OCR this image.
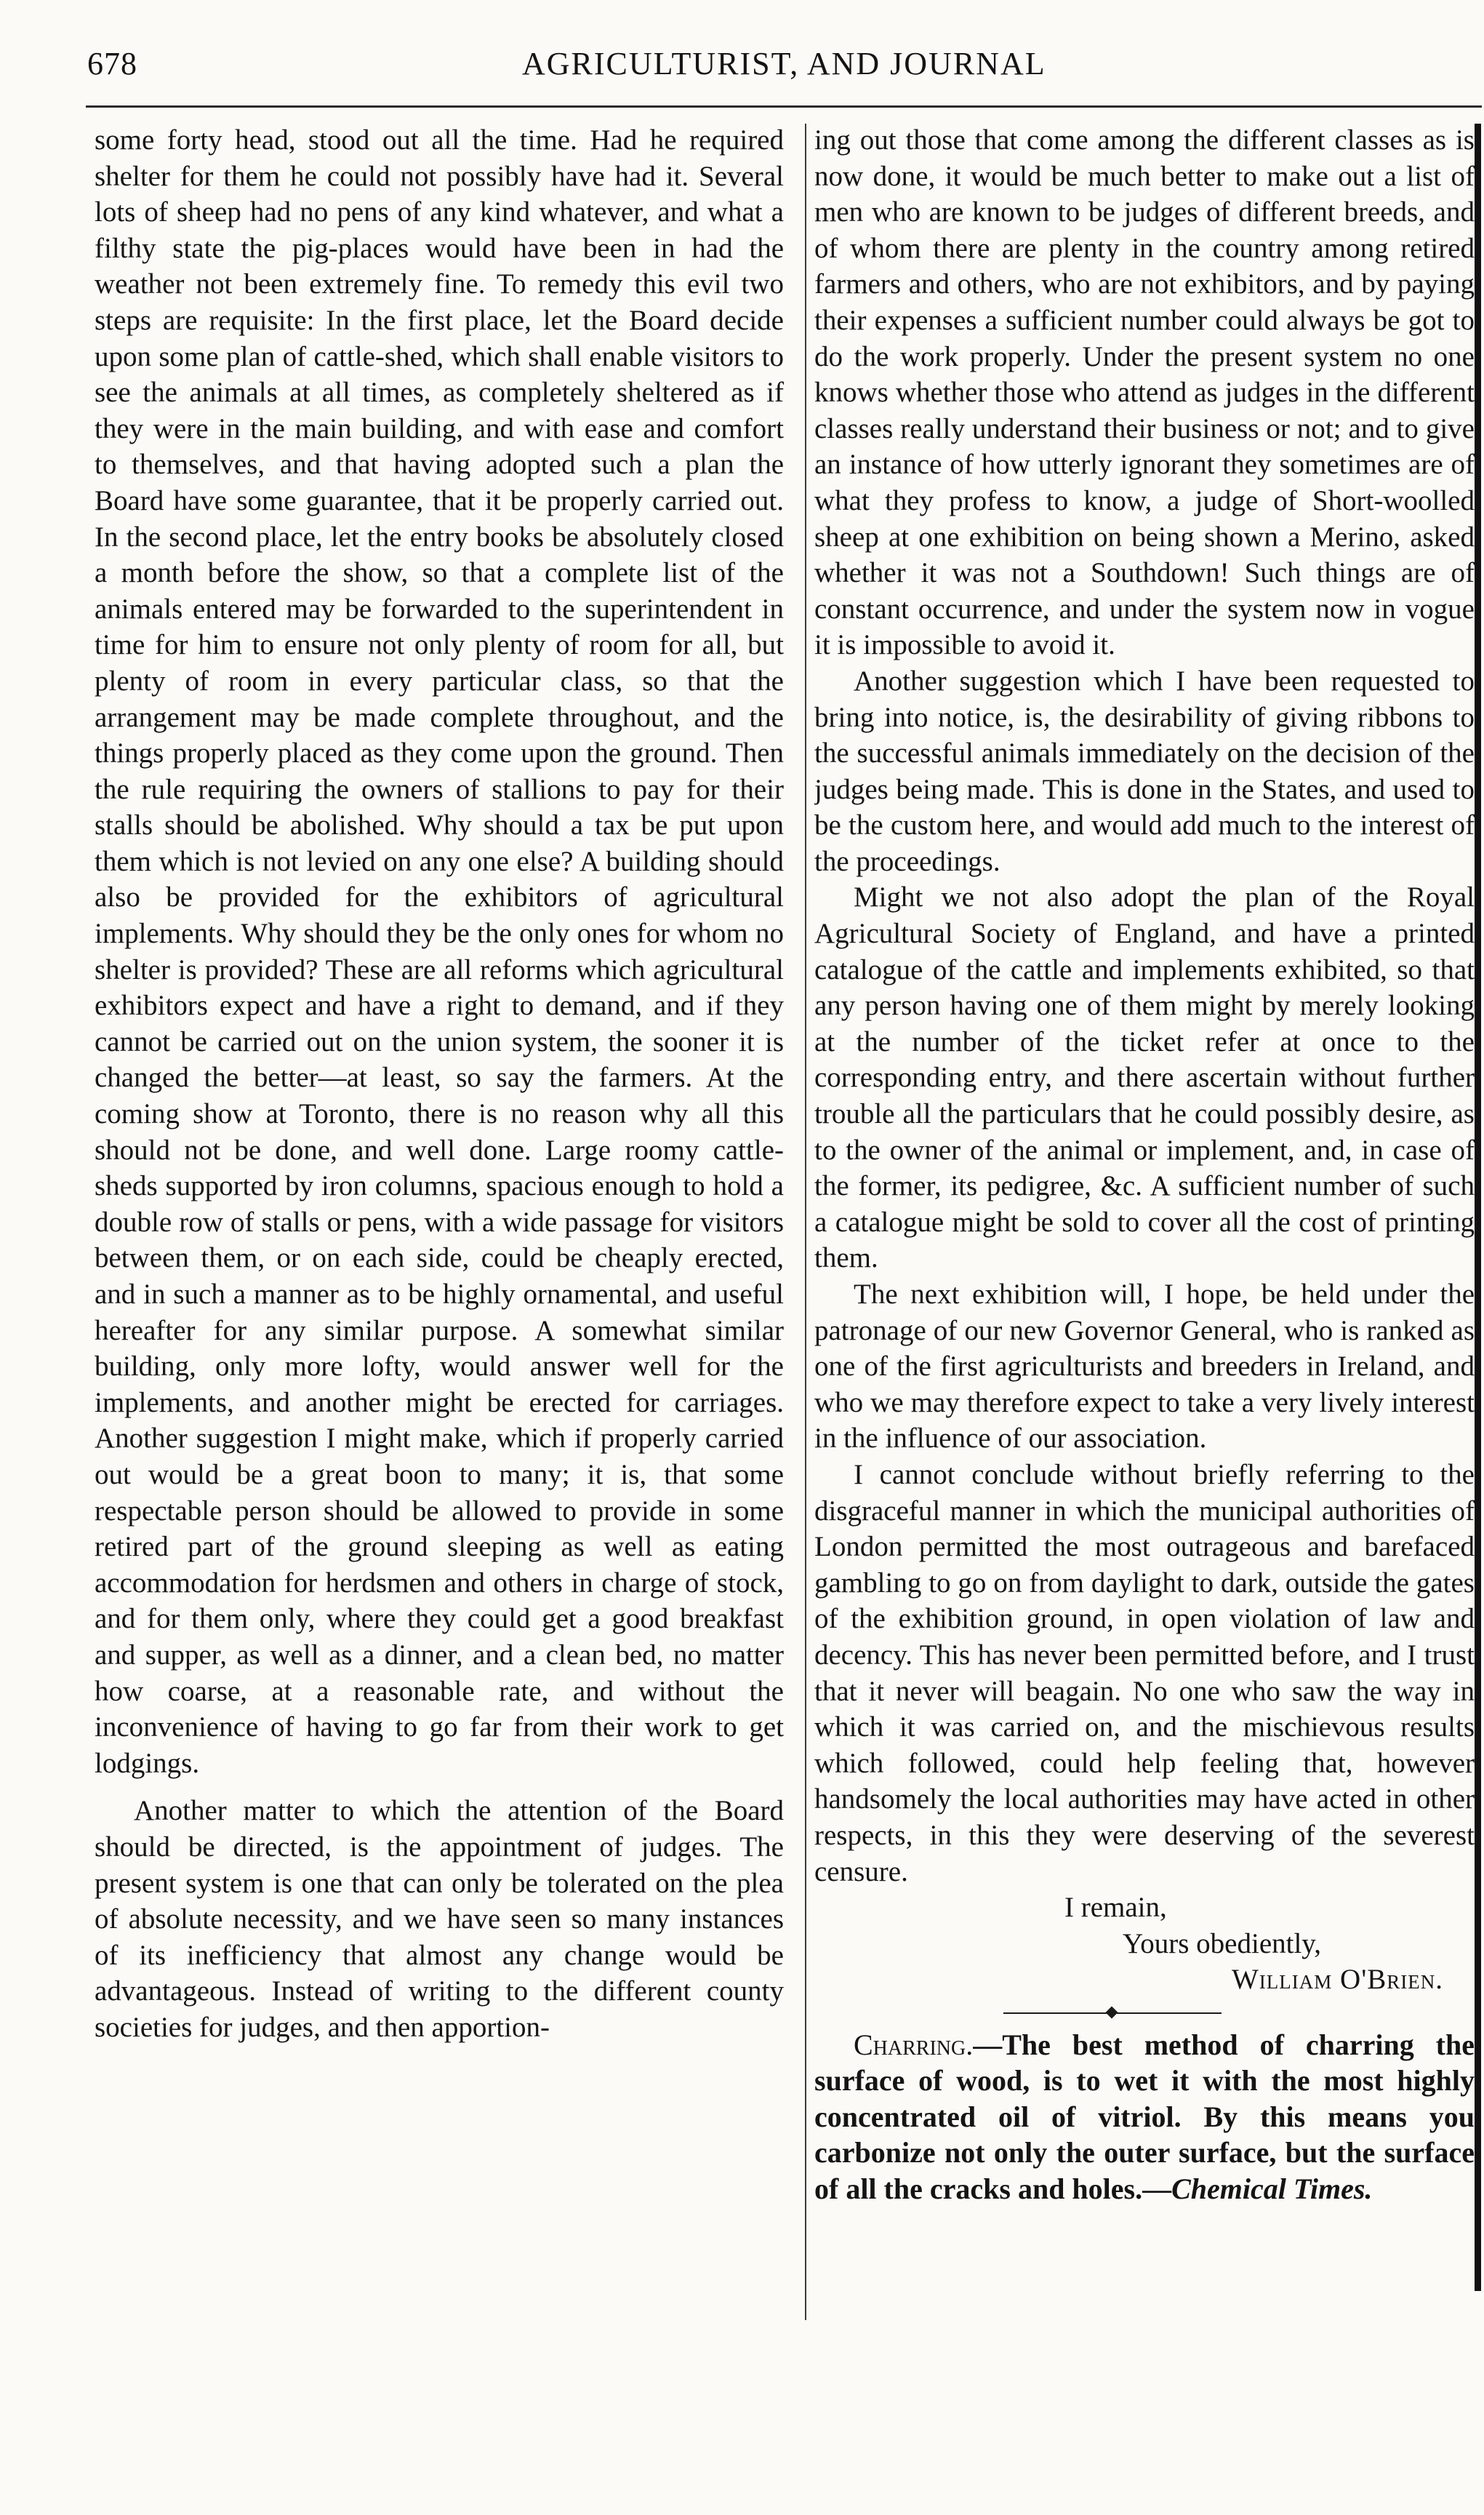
678	AGRICULTURIST, AND JOURNAL

some forty head, stood out all the time. Had he required shelter for them he could not possibly have had it. Several lots of sheep had no pens of any kind whatever, and what a filthy state the pig-places would have been in had the weather not been extremely fine. To remedy this evil two steps are requisite: In the first place, let the Board decide upon some plan of cattle-shed, which shall enable visitors to see the animals at all times, as completely sheltered as if they were in the main building, and with ease and comfort to themselves, and that having adopted such a plan the Board have some guarantee, that it be properly carried out. In the second place, let the entry books be absolutely closed a month before the show, so that a complete list of the animals entered may be forwarded to the superintendent in time for him to ensure not only plenty of room for all, but plenty of room in every particular class, so that the arrangement may be made complete throughout, and the things properly placed as they come upon the ground. Then the rule requiring the owners of stallions to pay for their stalls should be abolished. Why should a tax be put upon them which is not levied on any one else? A building should also be provided for the exhibitors of agricultural implements. Why should they be the only ones for whom no shelter is provided? These are all reforms which agricultural exhibitors expect and have a right to demand, and if they cannot be carried out on the union system, the sooner it is changed the better—at least, so say the farmers. At the coming show at Toronto, there is no reason why all this should not be done, and well done. Large roomy cattle-sheds supported by iron columns, spacious enough to hold a double row of stalls or pens, with a wide passage for visitors between them, or on each side, could be cheaply erected, and in such a manner as to be highly ornamental, and useful hereafter for any similar purpose. A somewhat similar building, only more lofty, would answer well for the implements, and another might be erected for carriages. Another suggestion I might make, which if properly carried out would be a great boon to many; it is, that some respectable person should be allowed to provide in some retired part of the ground sleeping as well as eating accommodation for herdsmen and others in charge of stock, and for them only, where they could get a good breakfast and supper, as well as a dinner, and a clean bed, no matter how coarse, at a reasonable rate, and without the inconvenience of having to go far from their work to get lodgings.

Another matter to which the attention of the Board should be directed, is the appointment of judges. The present system is one that can only be tolerated on the plea of absolute necessity, and we have seen so many instances of its inefficiency that almost any change would be advantageous. Instead of writing to the different county societies for judges, and then apportion-

ing out those that come among the different classes as is now done, it would be much better to make out a list of men who are known to be judges of different breeds, and of whom there are plenty in the country among retired farmers and others, who are not exhibitors, and by paying their expenses a sufficient number could always be got to do the work properly. Under the present system no one knows whether those who attend as judges in the different classes really understand their business or not; and to give an instance of how utterly ignorant they sometimes are of what they profess to know, a judge of Short-woolled sheep at one exhibition on being shown a Merino, asked whether it was not a Southdown! Such things are of constant occurrence, and under the system now in vogue it is impossible to avoid it.

Another suggestion which I have been requested to bring into notice, is, the desirability of giving ribbons to the successful animals immediately on the decision of the judges being made. This is done in the States, and used to be the custom here, and would add much to the interest of the proceedings.

Might we not also adopt the plan of the Royal Agricultural Society of England, and have a printed catalogue of the cattle and implements exhibited, so that any person having one of them might by merely looking at the number of the ticket refer at once to the corresponding entry, and there ascertain without further trouble all the particulars that he could possibly desire, as to the owner of the animal or implement, and, in case of the former, its pedigree, &c. A sufficient number of such a catalogue might be sold to cover all the cost of printing them.

The next exhibition will, I hope, be held under the patronage of our new Governor General, who is ranked as one of the first agriculturists and breeders in Ireland, and who we may therefore expect to take a very lively interest in the influence of our association.

I cannot conclude without briefly referring to the disgraceful manner in which the municipal authorities of London permitted the most outrageous and barefaced gambling to go on from daylight to dark, outside the gates of the exhibition ground, in open violation of law and decency. This has never been permitted before, and I trust that it never will beagain. No one who saw the way in which it was carried on, and the mischievous results which followed, could help feeling that, however handsomely the local authorities may have acted in other respects, in this they were deserving of the severest censure.

I remain,

Yours obediently,

William O'Brien.

Charring.—The best method of charring the surface of wood, is to wet it with the most highly concentrated oil of vitriol. By this means you carbonize not only the outer surface, but the surface of all the cracks and holes.—Chemical Times.
